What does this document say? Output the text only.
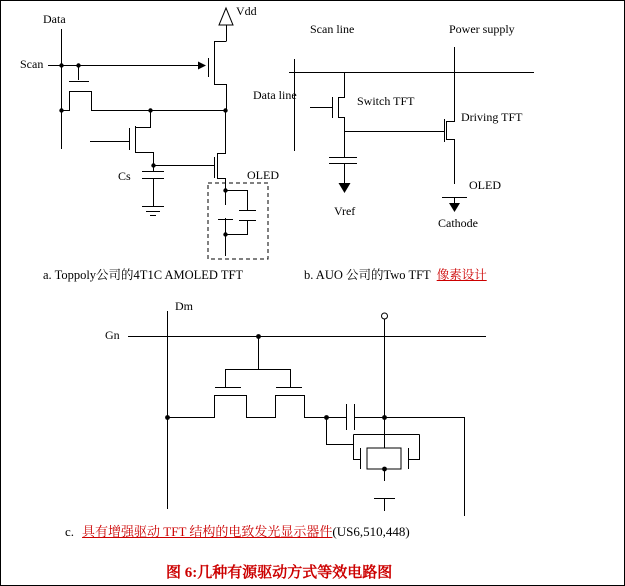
Data
Scan
Vdd
Cs	OLED
a. Toppoly公司的4T1C AMOLED TFT
Scan line	Power supply
Data line	Switch TFT
Driving TFT
OLED
Vref
Cathode
b. AUO 公司的Two TFT 像素设计
Dm
Gn
c. 具有增强驱动 TFT 结构的电致发光显示器件 (US6,510,448)
图 6:几种有源驱动方式等效电路图
